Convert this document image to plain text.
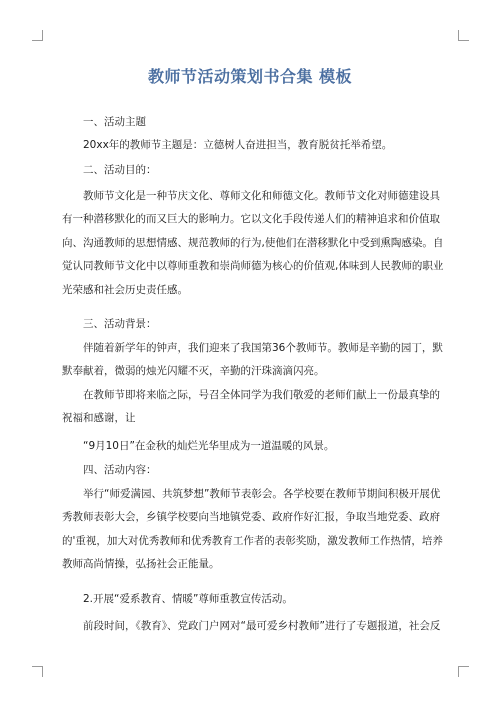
教师节活动策划书合集 模板

一、活动主题

20xx年的教师节主题是：立德树人奋进担当，教育脱贫托举希望。

二、活动目的：

教师节文化是一种节庆文化、尊师文化和师德文化。教师节文化对师德建设具有一种潜移默化的而又巨大的影响力。它以文化手段传递人们的精神追求和价值取向、沟通教师的思想情感、规范教师的行为,使他们在潜移默化中受到熏陶感染。自觉认同教师节文化中以尊师重教和崇尚师德为核心的价值观,体味到人民教师的职业光荣感和社会历史责任感。

三、活动背景：

伴随着新学年的钟声，我们迎来了我国第36个教师节。教师是辛勤的园丁，默默奉献着，微弱的烛光闪耀不灭，辛勤的汗珠滴滴闪亮。

在教师节即将来临之际，号召全体同学为我们敬爱的老师们献上一份最真挚的祝福和感谢，让

“9月10日”在金秋的灿烂光华里成为一道温暖的风景。

四、活动内容：

举行“师爱满园、共筑梦想”教师节表彰会。各学校要在教师节期间积极开展优秀教师表彰大会，乡镇学校要向当地镇党委、政府作好汇报，争取当地党委、政府的'重视，加大对优秀教师和优秀教育工作者的表彰奖励，激发教师工作热情，培养教师高尚情操，弘扬社会正能量。

2.开展“爱系教育、情暖”尊师重教宣传活动。

前段时间，《教育》、党政门户网对“最可爱乡村教师”进行了专题报道，社会反
